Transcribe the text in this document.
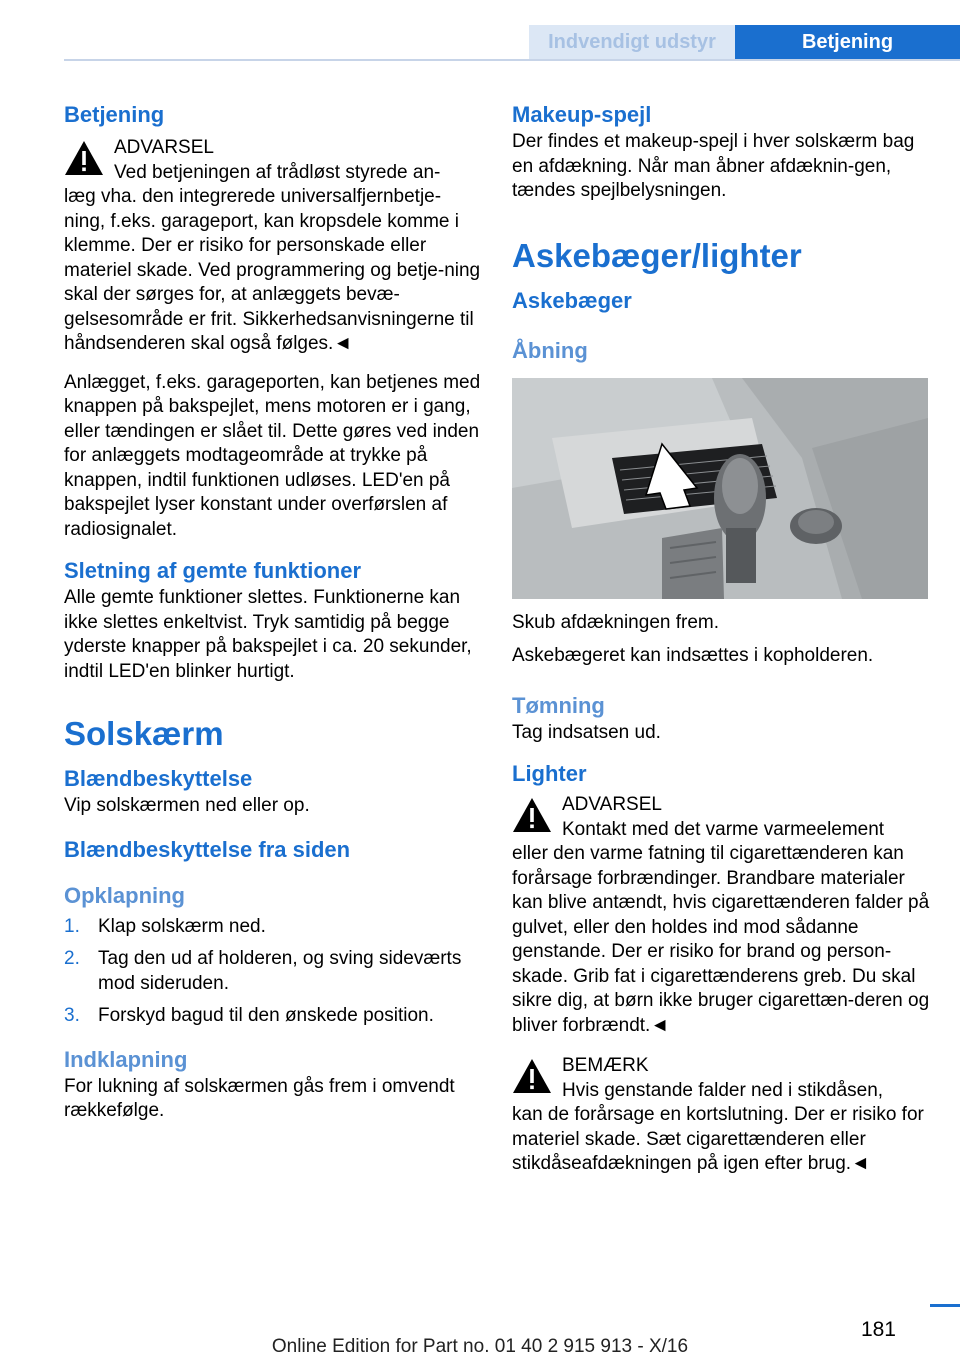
Indvendigt udstyr	Betjening
Betjening
ADVARSEL
Ved betjeningen af trådløst styrede an-

læg vha. den integrerede universalfjernbetje-ning, f.eks. garageport, kan kropsdele komme i klemme. Der er risiko for personskade eller materiel skade. Ved programmering og betje-ning skal der sørges for, at anlæggets bevæ-gelsesområde er frit. Sikkerhedsanvisningerne til håndsenderen skal også følges.◄

Anlægget, f.eks. garageporten, kan betjenes med knappen på bakspejlet, mens motoren er i gang, eller tændingen er slået til. Dette gøres ved inden for anlæggets modtageområde at trykke på knappen, indtil funktionen udløses. LED'en på bakspejlet lyser konstant under overførslen af radiosignalet.

Sletning af gemte funktioner

Alle gemte funktioner slettes. Funktionerne kan ikke slettes enkeltvist. Tryk samtidig på begge yderste knapper på bakspejlet i ca. 20 sekunder, indtil LED'en blinker hurtigt.

Solskærm
Blændbeskyttelse

Vip solskærmen ned eller op.

Blændbeskyttelse fra siden
Opklapning
1. Klap solskærm ned.
2. Tag den ud af holderen, og sving sideværts mod sideruden.
3. Forskyd bagud til den ønskede position.
Indklapning

For lukning af solskærmen gås frem i omvendt rækkefølge.

Makeup-spejl

Der findes et makeup-spejl i hver solskærm bag en afdækning. Når man åbner afdæknin-gen, tændes spejlbelysningen.

Askebæger/lighter
Askebæger
Åbning

Skub afdækningen frem.

Askebægeret kan indsættes i kopholderen.

Tømning

Tag indsatsen ud.

Lighter
ADVARSEL
Kontakt med det varme varmeelement

eller den varme fatning til cigarettænderen kan forårsage forbrændinger. Brandbare materialer kan blive antændt, hvis cigarettænderen falder på gulvet, eller den holdes ind mod sådanne genstande. Der er risiko for brand og person-skade. Grib fat i cigarettænderens greb. Du skal sikre dig, at børn ikke bruger cigarettæn-deren og bliver forbrændt.◄

BEMÆRK
Hvis genstande falder ned i stikdåsen,

kan de forårsage en kortslutning. Der er risiko for materiel skade. Sæt cigarettænderen eller stikdåseafdækningen på igen efter brug.◄

181
Online Edition for Part no. 01 40 2 915 913 - X/16
